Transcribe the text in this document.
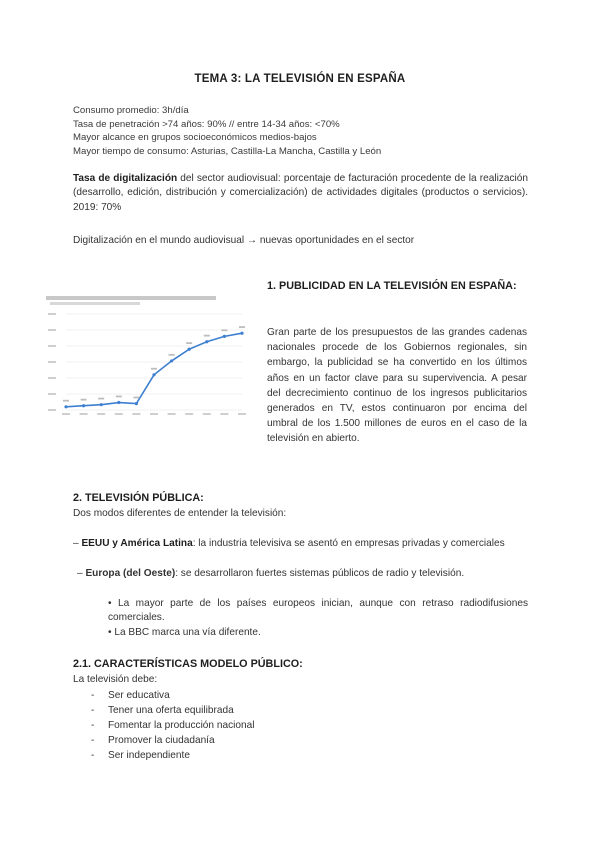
TEMA 3: LA TELEVISIÓN EN ESPAÑA
Consumo promedio: 3h/día
Tasa de penetración >74 años: 90% // entre 14-34 años: <70%
Mayor alcance en grupos socioeconómicos medios-bajos
Mayor tiempo de consumo: Asturias, Castilla-La Mancha, Castilla y León
Tasa de digitalización del sector audiovisual: porcentaje de facturación procedente de la realización (desarrollo, edición, distribución y comercialización) de actividades digitales (productos o servicios). 2019: 70%
Digitalización en el mundo audiovisual → nuevas oportunidades en el sector
1. PUBLICIDAD EN LA TELEVISIÓN EN ESPAÑA:
Gran parte de los presupuestos de las grandes cadenas nacionales procede de los Gobiernos regionales, sin embargo, la publicidad se ha convertido en los últimos años en un factor clave para su supervivencia. A pesar del decrecimiento continuo de los ingresos publicitarios generados en TV, estos continuaron por encima del umbral de los 1.500 millones de euros en el caso de la televisión en abierto.
2. TELEVISIÓN PÚBLICA:
Dos modos diferentes de entender la televisión:
– EEUU y América Latina: la industria televisiva se asentó en empresas privadas y comerciales
– Europa (del Oeste): se desarrollaron fuertes sistemas públicos de radio y televisión.
• La mayor parte de los países europeos inician, aunque con retraso radiodifusiones comerciales.
• La BBC marca una vía diferente.
2.1. CARACTERÍSTICAS MODELO PÚBLICO:
La televisión debe:
- Ser educativa
- Tener una oferta equilibrada
- Fomentar la producción nacional
- Promover la ciudadanía
- Ser independiente
